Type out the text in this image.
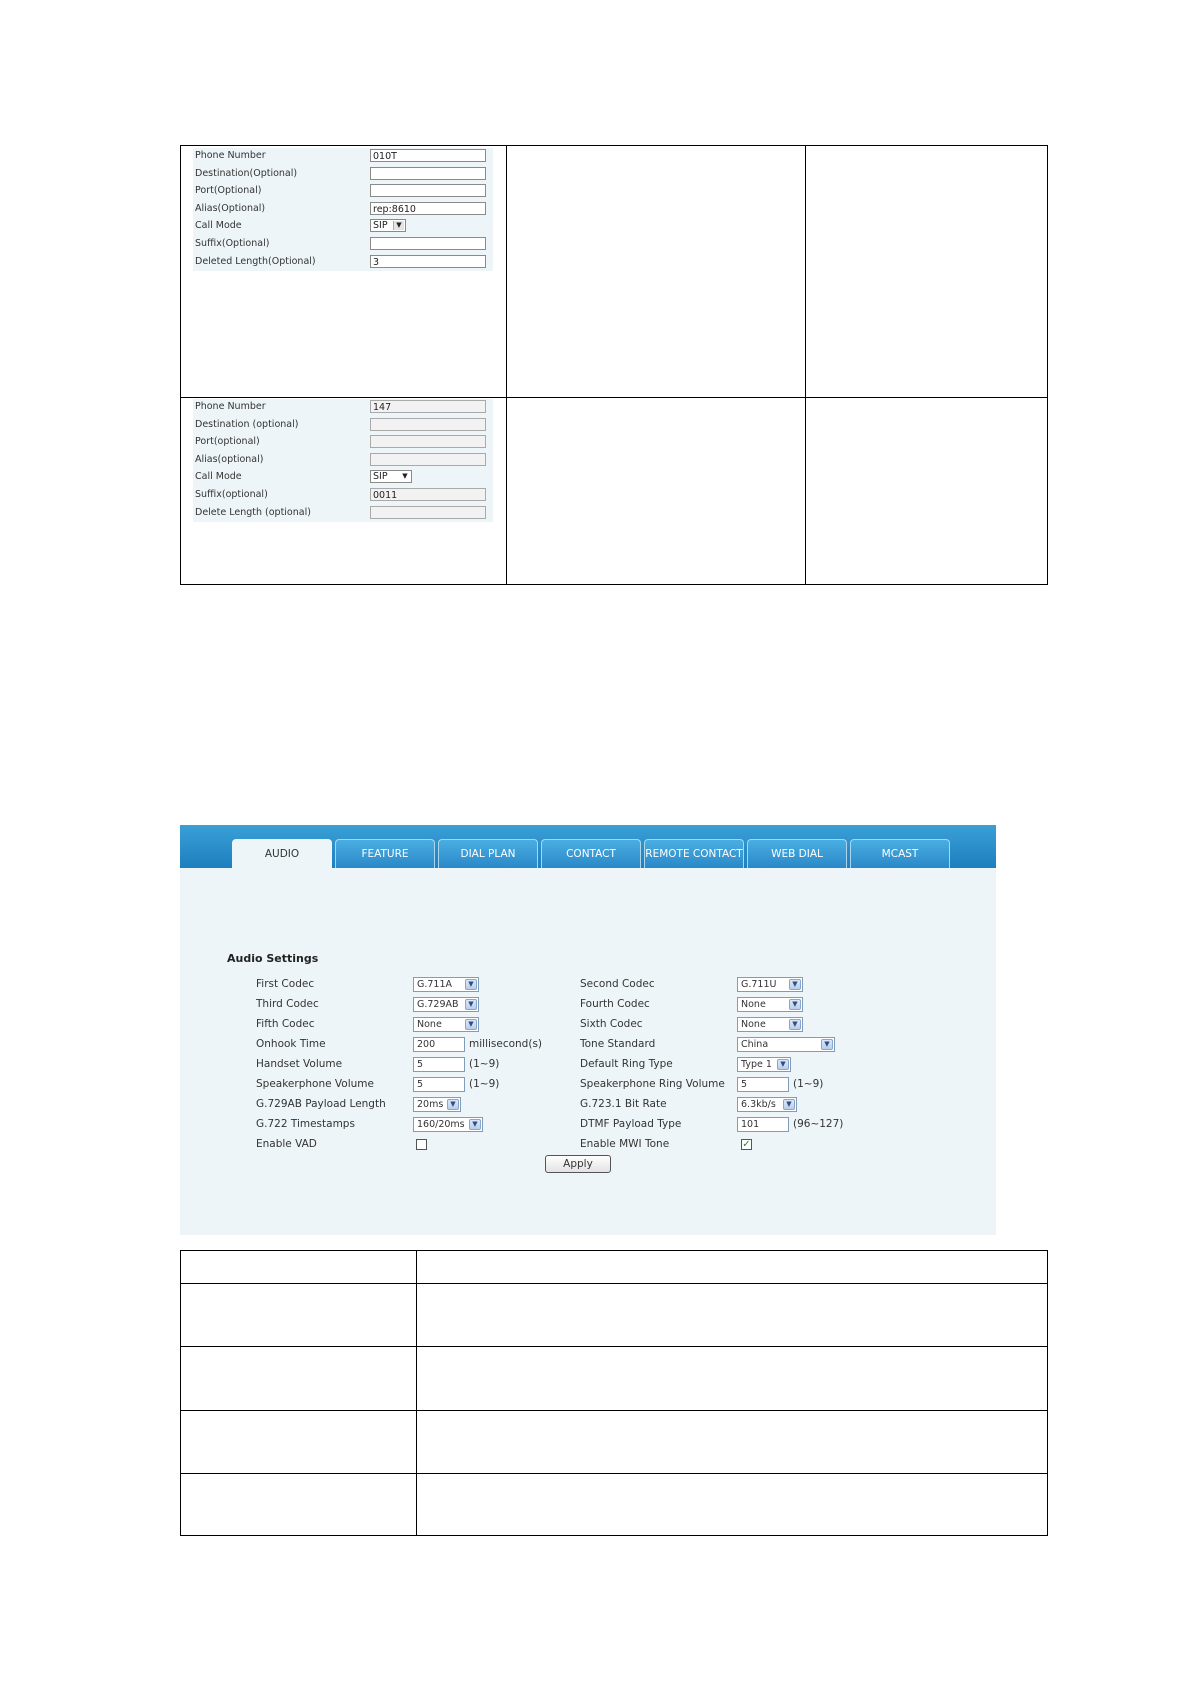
Phone Number	010T
Destination(Optional)
Port(Optional)
Alias(Optional)	rep:8610
Call Mode	SIP	▼
Suffix(Optional)
Deleted Length(Optional)	3
Phone Number	147
Destination (optional)
Port(optional)
Alias(optional)
Call Mode	SIP	▼
Suffix(optional)	0011
Delete Length (optional)
AUDIO	FEATURE	DIAL PLAN	CONTACT	REMOTE CONTACT	WEB DIAL	MCAST
Audio Settings
First Codec	G.711A	▼
Third Codec	G.729AB	▼
Fifth Codec	None	▼
Onhook Time	200	millisecond(s)
Handset Volume	5	(1~9)
Speakerphone Volume	5	(1~9)
G.729AB Payload Length	20ms	▼
G.722 Timestamps	160/20ms	▼
Enable VAD
Second Codec	G.711U	▼
Fourth Codec	None	▼
Sixth Codec	None	▼
Tone Standard	China	▼
Default Ring Type	Type 1	▼
Speakerphone Ring Volume	5	(1~9)
G.723.1 Bit Rate	6.3kb/s	▼
DTMF Payload Type	101	(96~127)
Enable MWI Tone	✓
Apply
